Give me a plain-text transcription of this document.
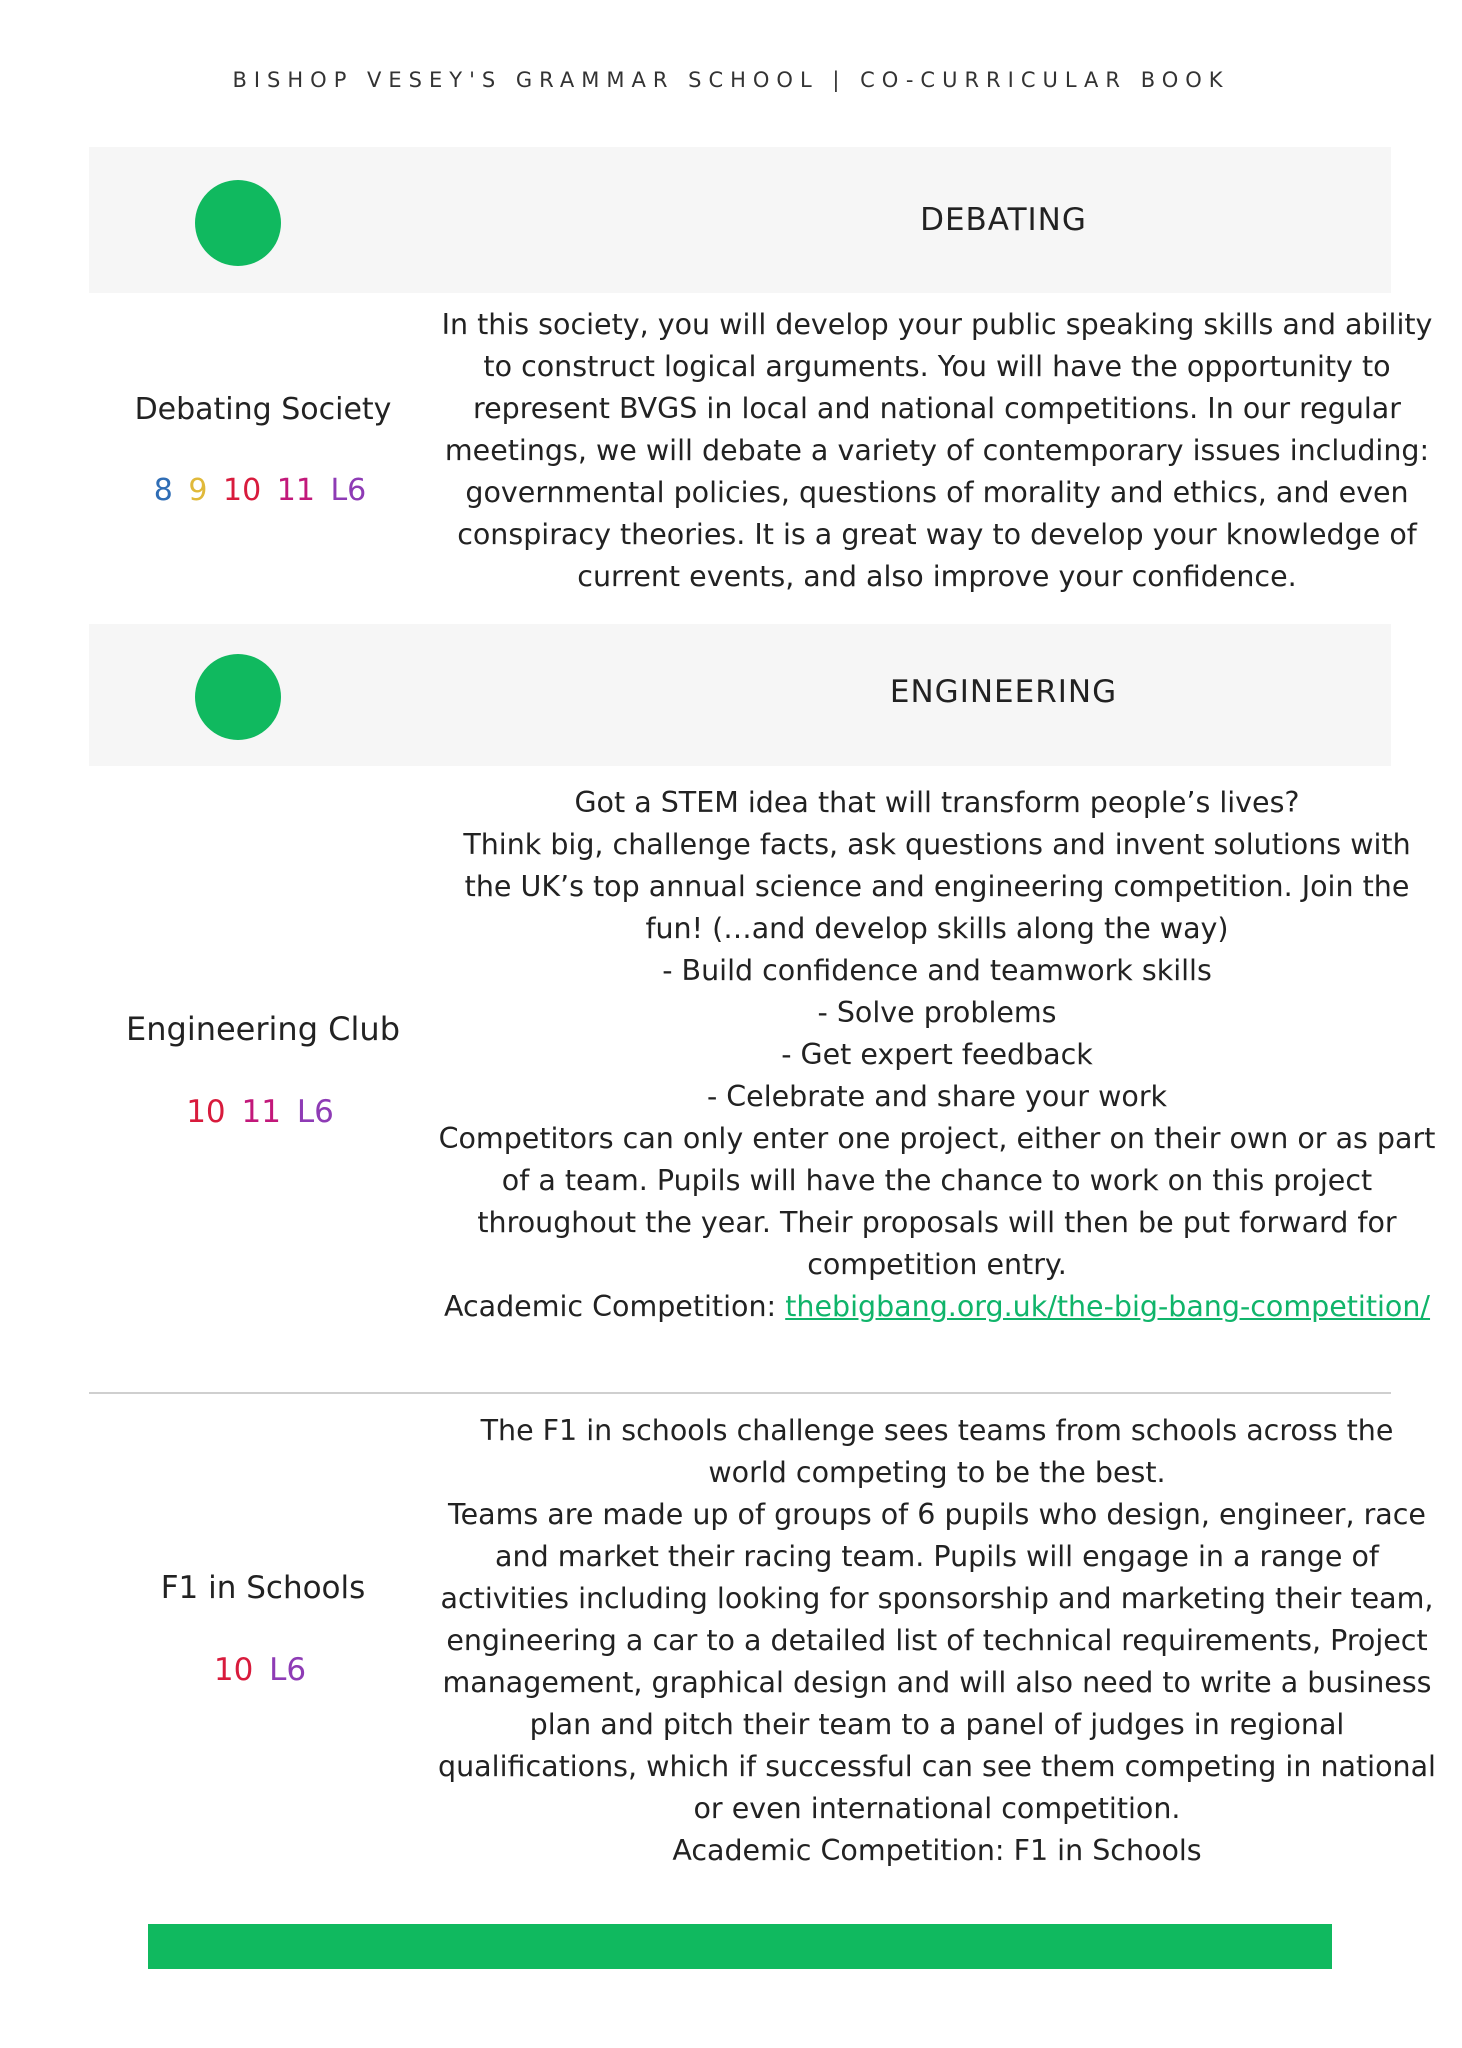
BISHOP VESEY'S GRAMMAR SCHOOL | CO-CURRICULAR BOOK
DEBATING
Debating Society
8 9 10 11 L6

In this society, you will develop your public speaking skills and ability to construct logical arguments. You will have the opportunity to represent BVGS in local and national competitions. In our regular meetings, we will debate a variety of contemporary issues including: governmental policies, questions of morality and ethics, and even conspiracy theories. It is a great way to develop your knowledge of current events, and also improve your confidence.

ENGINEERING
Engineering Club
10 11 L6

Got a STEM idea that will transform people’s lives?

Think big, challenge facts, ask questions and invent solutions with the UK’s top annual science and engineering competition. Join the fun! (…and develop skills along the way)

- Build confidence and teamwork skills

- Solve problems

- Get expert feedback

- Celebrate and share your work

Competitors can only enter one project, either on their own or as part of a team. Pupils will have the chance to work on this project throughout the year. Their proposals will then be put forward for competition entry.

Academic Competition: thebigbang.org.uk/the-big-bang-competition/

F1 in Schools
10 L6

The F1 in schools challenge sees teams from schools across the world competing to be the best.

Teams are made up of groups of 6 pupils who design, engineer, race and market their racing team. Pupils will engage in a range of activities including looking for sponsorship and marketing their team, engineering a car to a detailed list of technical requirements, Project management, graphical design and will also need to write a business plan and pitch their team to a panel of judges in regional qualifications, which if successful can see them competing in national or even international competition.

Academic Competition: F1 in Schools
